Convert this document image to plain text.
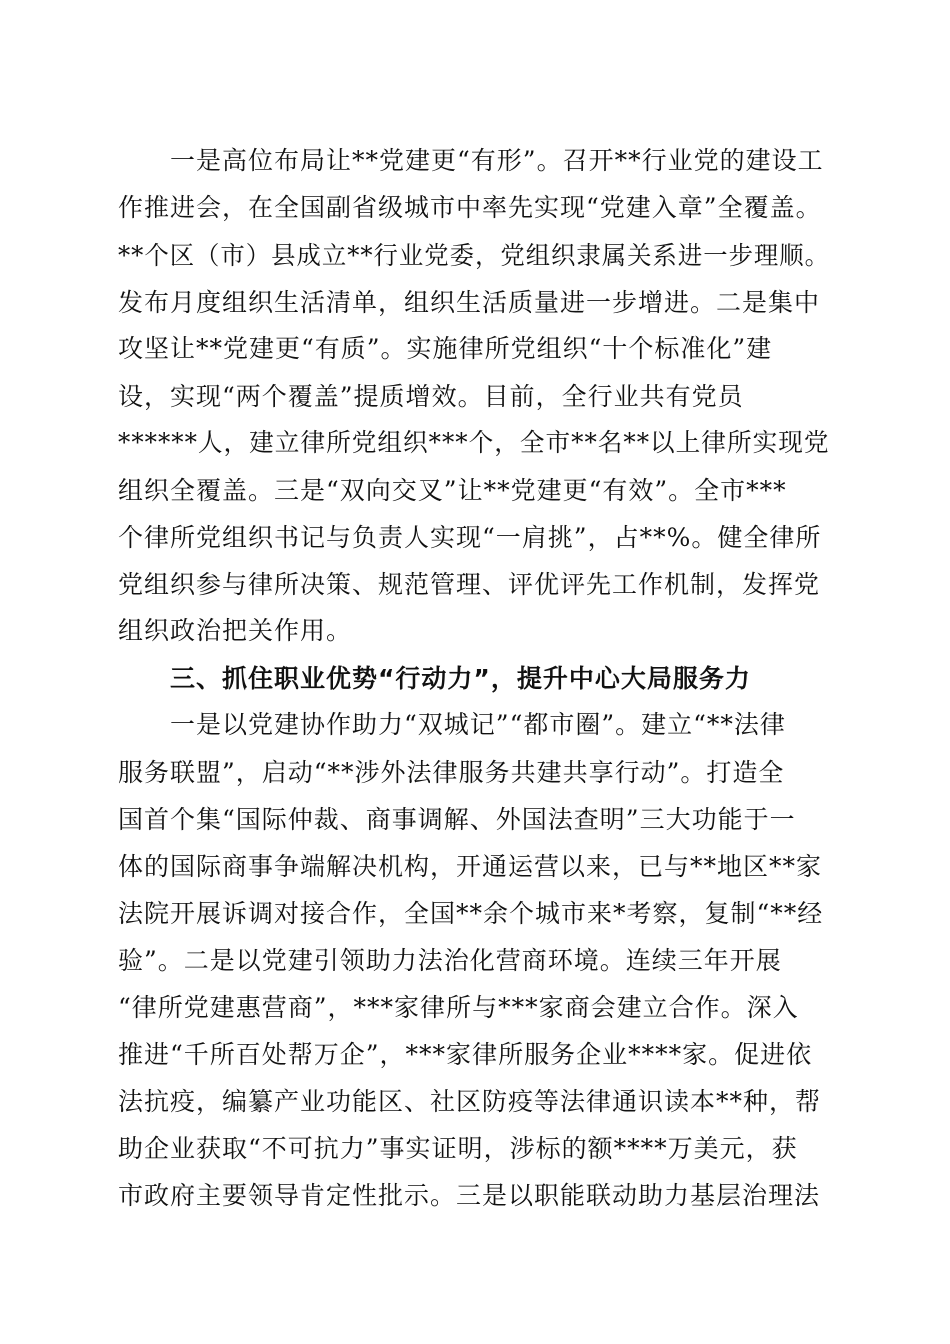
　　一是高位布局让**党建更“有形”。召开**行业党的建设工
作推进会，在全国副省级城市中率先实现“党建入章”全覆盖。
**个区（市）县成立**行业党委，党组织隶属关系进一步理顺。
发布月度组织生活清单，组织生活质量进一步增进。二是集中
攻坚让**党建更“有质”。实施律所党组织“十个标准化”建
设，实现“两个覆盖”提质增效。目前，全行业共有党员
******人，建立律所党组织***个，全市**名**以上律所实现党
组织全覆盖。三是“双向交叉”让**党建更“有效”。全市***
个律所党组织书记与负责人实现“一肩挑”，占**%。健全律所
党组织参与律所决策、规范管理、评优评先工作机制，发挥党
组织政治把关作用。
　　三、抓住职业优势“行动力”，提升中心大局服务力
　　一是以党建协作助力“双城记”“都市圈”。建立“**法律
服务联盟”，启动“**涉外法律服务共建共享行动”。打造全
国首个集“国际仲裁、商事调解、外国法查明”三大功能于一
体的国际商事争端解决机构，开通运营以来，已与**地区**家
法院开展诉调对接合作，全国**余个城市来*考察，复制“**经
验”。二是以党建引领助力法治化营商环境。连续三年开展
“律所党建惠营商”，***家律所与***家商会建立合作。深入
推进“千所百处帮万企”，***家律所服务企业****家。促进依
法抗疫，编纂产业功能区、社区防疫等法律通识读本**种，帮
助企业获取“不可抗力”事实证明，涉标的额****万美元，获
市政府主要领导肯定性批示。三是以职能联动助力基层治理法
